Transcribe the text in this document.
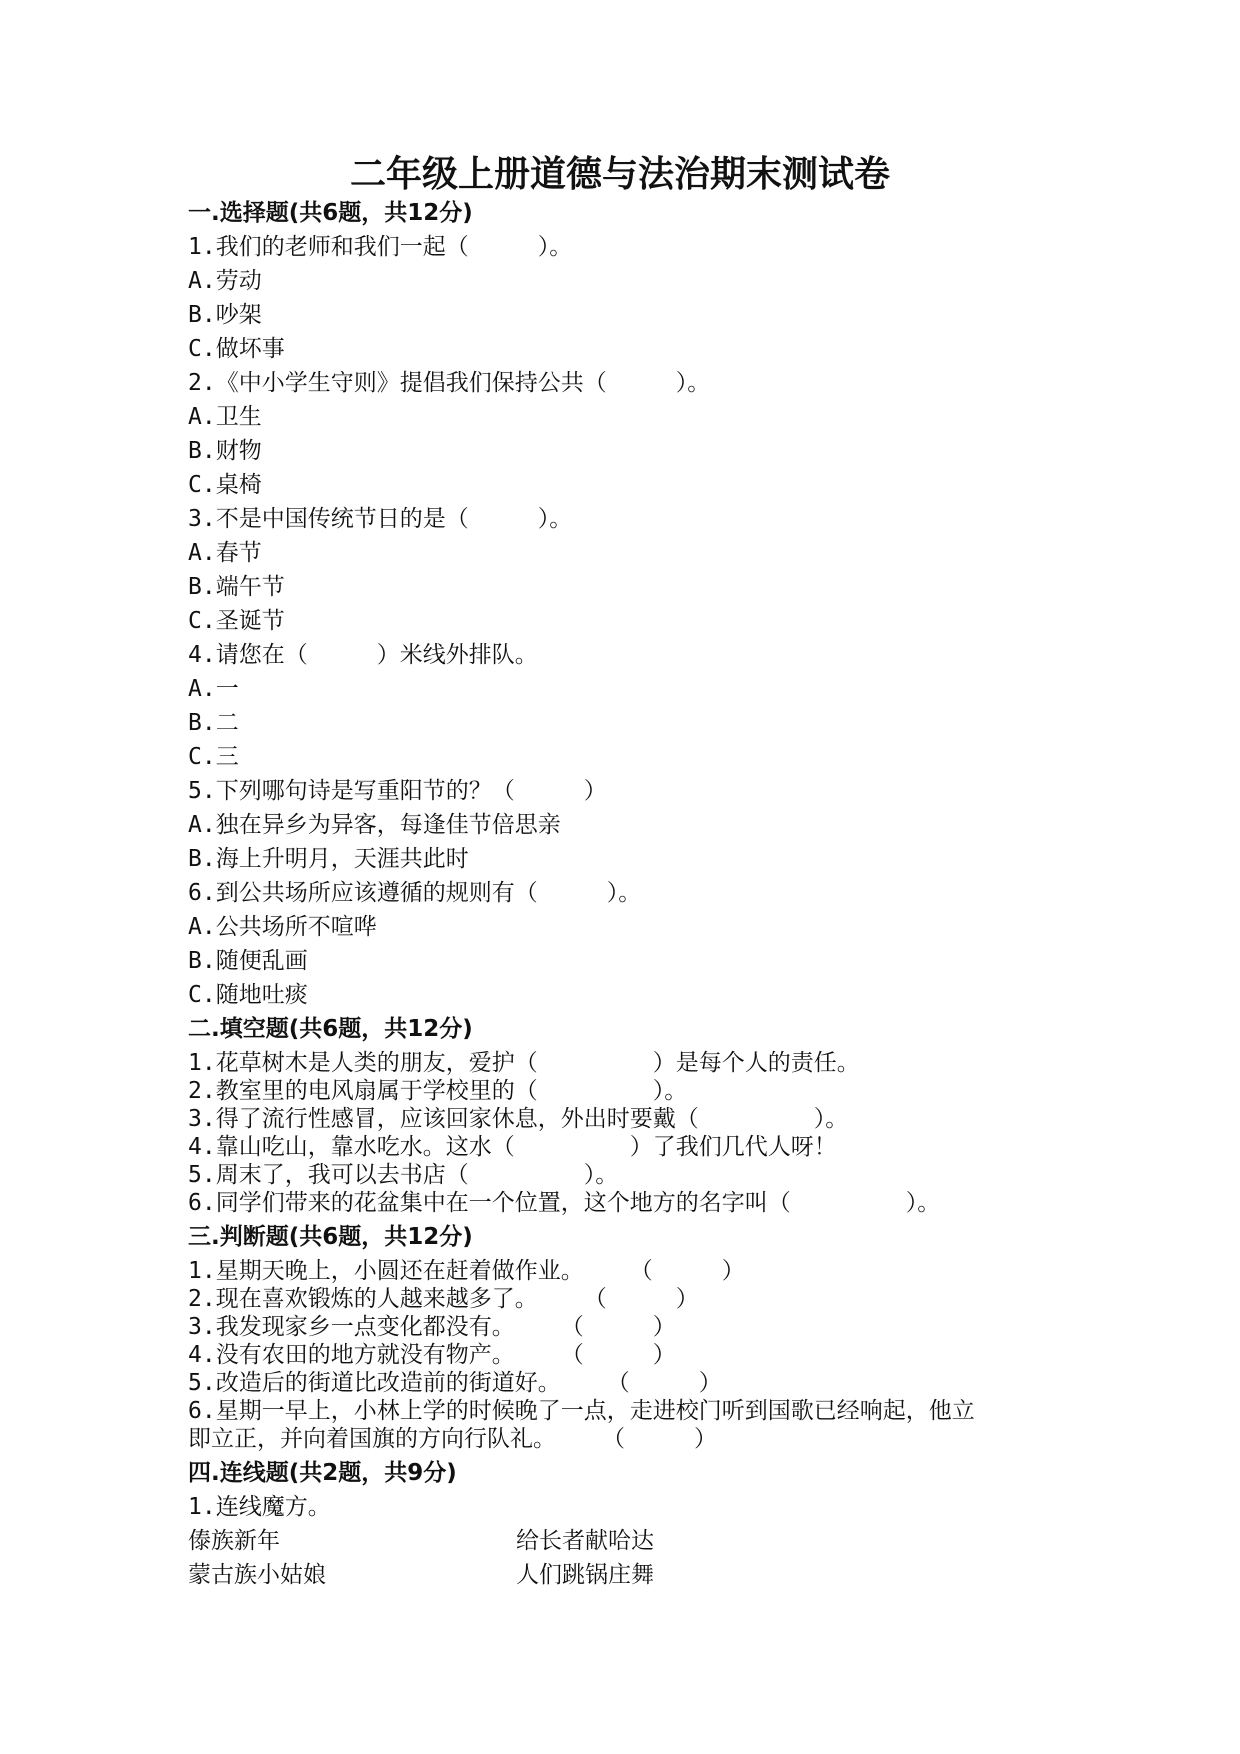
二年级上册道德与法治期末测试卷
一.选择题(共6题，共12分)
1.我们的老师和我们一起（　　　）。
A.劳动
B.吵架
C.做坏事
2.《中小学生守则》提倡我们保持公共（　　　）。
A.卫生
B.财物
C.桌椅
3.不是中国传统节日的是（　　　）。
A.春节
B.端午节
C.圣诞节
4.请您在（　　　）米线外排队。
A.一
B.二
C.三
5.下列哪句诗是写重阳节的？（　　　）
A.独在异乡为异客，每逢佳节倍思亲
B.海上升明月，天涯共此时
6.到公共场所应该遵循的规则有（　　　）。
A.公共场所不喧哗
B.随便乱画
C.随地吐痰
二.填空题(共6题，共12分)
1.花草树木是人类的朋友，爱护（　　　　　）是每个人的责任。
2.教室里的电风扇属于学校里的（　　　　　）。
3.得了流行性感冒，应该回家休息，外出时要戴（　　　　　）。
4.靠山吃山，靠水吃水。这水（　　　　　）了我们几代人呀！
5.周末了，我可以去书店（　　　　　）。
6.同学们带来的花盆集中在一个位置，这个地方的名字叫（　　　　　）。
三.判断题(共6题，共12分)
1.星期天晚上，小圆还在赶着做作业。　　　（　　　）
2.现在喜欢锻炼的人越来越多了。　　　（　　　）
3.我发现家乡一点变化都没有。　　　（　　　）
4.没有农田的地方就没有物产。　　　（　　　）
5.改造后的街道比改造前的街道好。　　　（　　　）
6.星期一早上，小林上学的时候晚了一点，走进校门听到国歌已经响起，他立
即立正，并向着国旗的方向行队礼。　　　（　　　）
四.连线题(共2题，共9分)
1.连线魔方。
傣族新年	给长者献哈达
蒙古族小姑娘	人们跳锅庄舞
